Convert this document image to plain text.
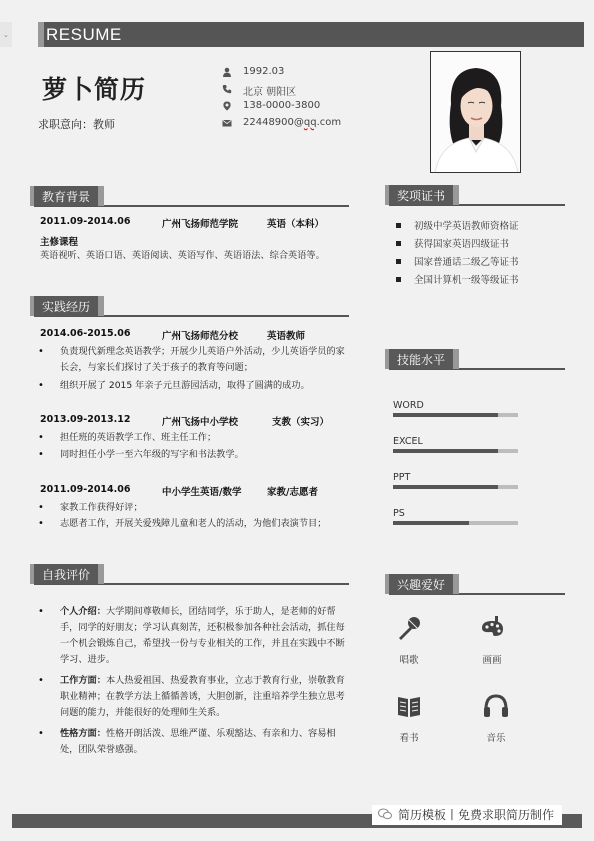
⌄ RESUME
萝卜简历
求职意向：教师
1992.03
北京 朝阳区
138-0000-3800
22448900@qq.com
教育背景
2011.09-2014.06	广州飞扬师范学院	英语（本科）
主修课程
英语视听、英语口语、英语阅读、英语写作、英语语法、综合英语等。
实践经历
2014.06-2015.06	广州飞扬师范分校	英语教师
• 负责现代新理念英语教学；开展少儿英语户外活动，少儿英语学员的家长会，与家长们探讨了关于孩子的教育等问题；
• 组织开展了 2015 年亲子元旦游园活动，取得了圆满的成功。
2013.09-2013.12	广州飞扬中小学校	支教（实习）
• 担任班的英语教学工作、班主任工作；
• 同时担任小学一至六年级的写字和书法教学。
2011.09-2014.06	中小学生英语/数学	家教/志愿者
• 家教工作获得好评；
• 志愿者工作，开展关爱残障儿童和老人的活动，为他们表演节目；
自我评价
• 个人介绍：大学期间尊敬师长，团结同学，乐于助人，是老师的好帮手，同学的好朋友；学习认真刻苦，还积极参加各种社会活动，抓住每一个机会锻炼自己，希望找一份与专业相关的工作，并且在实践中不断学习、进步。
• 工作方面：本人热爱祖国、热爱教育事业，立志于教育行业，崇敬教育职业精神；在教学方法上循循善诱，大胆创新，注重培养学生独立思考问题的能力，并能很好的处理师生关系。
• 性格方面：性格开朗活泼、思维严谨、乐观豁达、有亲和力、容易相处，团队荣誉感强。
奖项证书
初级中学英语教师资格证
获得国家英语四级证书
国家普通话二级乙等证书
全国计算机一级等级证书
技能水平
WORD
EXCEL
PPT
PS
兴趣爱好
唱歌	画画
看书	音乐
简历模板丨免费求职简历制作
